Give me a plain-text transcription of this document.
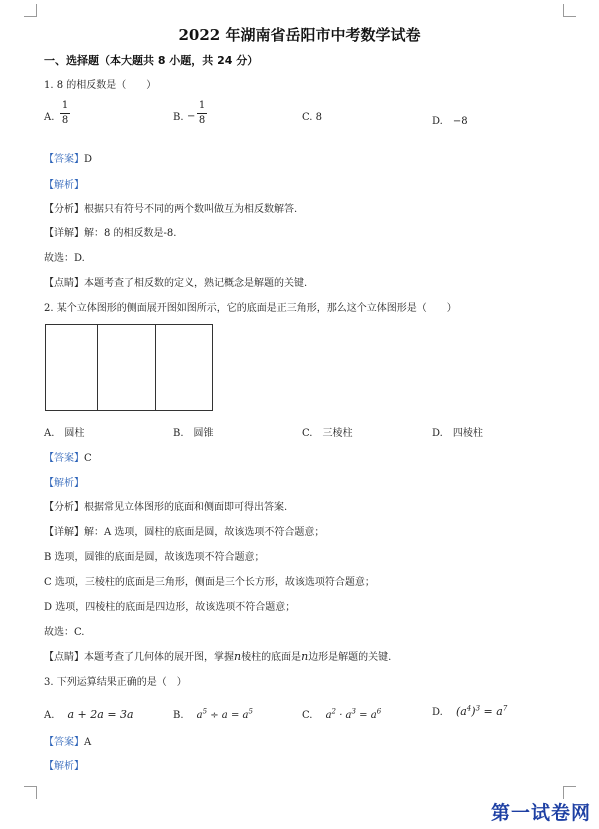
2022 年湖南省岳阳市中考数学试卷
一、选择题（本大题共 8 小题，共 24 分）
1. 8 的相反数是（　　）
A.
1
8	B. −
1
8	C. 8	D.　−8
【答案】D
【解析】
【分析】根据只有符号不同的两个数叫做互为相反数解答.
【详解】解：8 的相反数是-8.
故选：D.
【点睛】本题考查了相反数的定义，熟记概念是解题的关键.
2. 某个立体图形的侧面展开图如图所示，它的底面是正三角形，那么这个立体图形是（　　）
A.　圆柱	B.　圆锥	C.　三棱柱	D.　四棱柱
【答案】C
【解析】
【分析】根据常见立体图形的底面和侧面即可得出答案.
【详解】解：A 选项，圆柱的底面是圆，故该选项不符合题意；
B 选项，圆锥的底面是圆，故该选项不符合题意；
C 选项，三棱柱的底面是三角形，侧面是三个长方形，故该选项符合题意；
D 选项，四棱柱的底面是四边形，故该选项不符合题意；
故选：C.
【点睛】本题考查了几何体的展开图，掌握n棱柱的底面是n边形是解题的关键.
3. 下列运算结果正确的是（　）
A. a + 2a = 3a	B. $a^5 \div a = a^5$	C. $a^2 \cdot a^3 = a^6$	D. $(a^4)^3 = a^7$
【答案】A
【解析】
第一试卷网
